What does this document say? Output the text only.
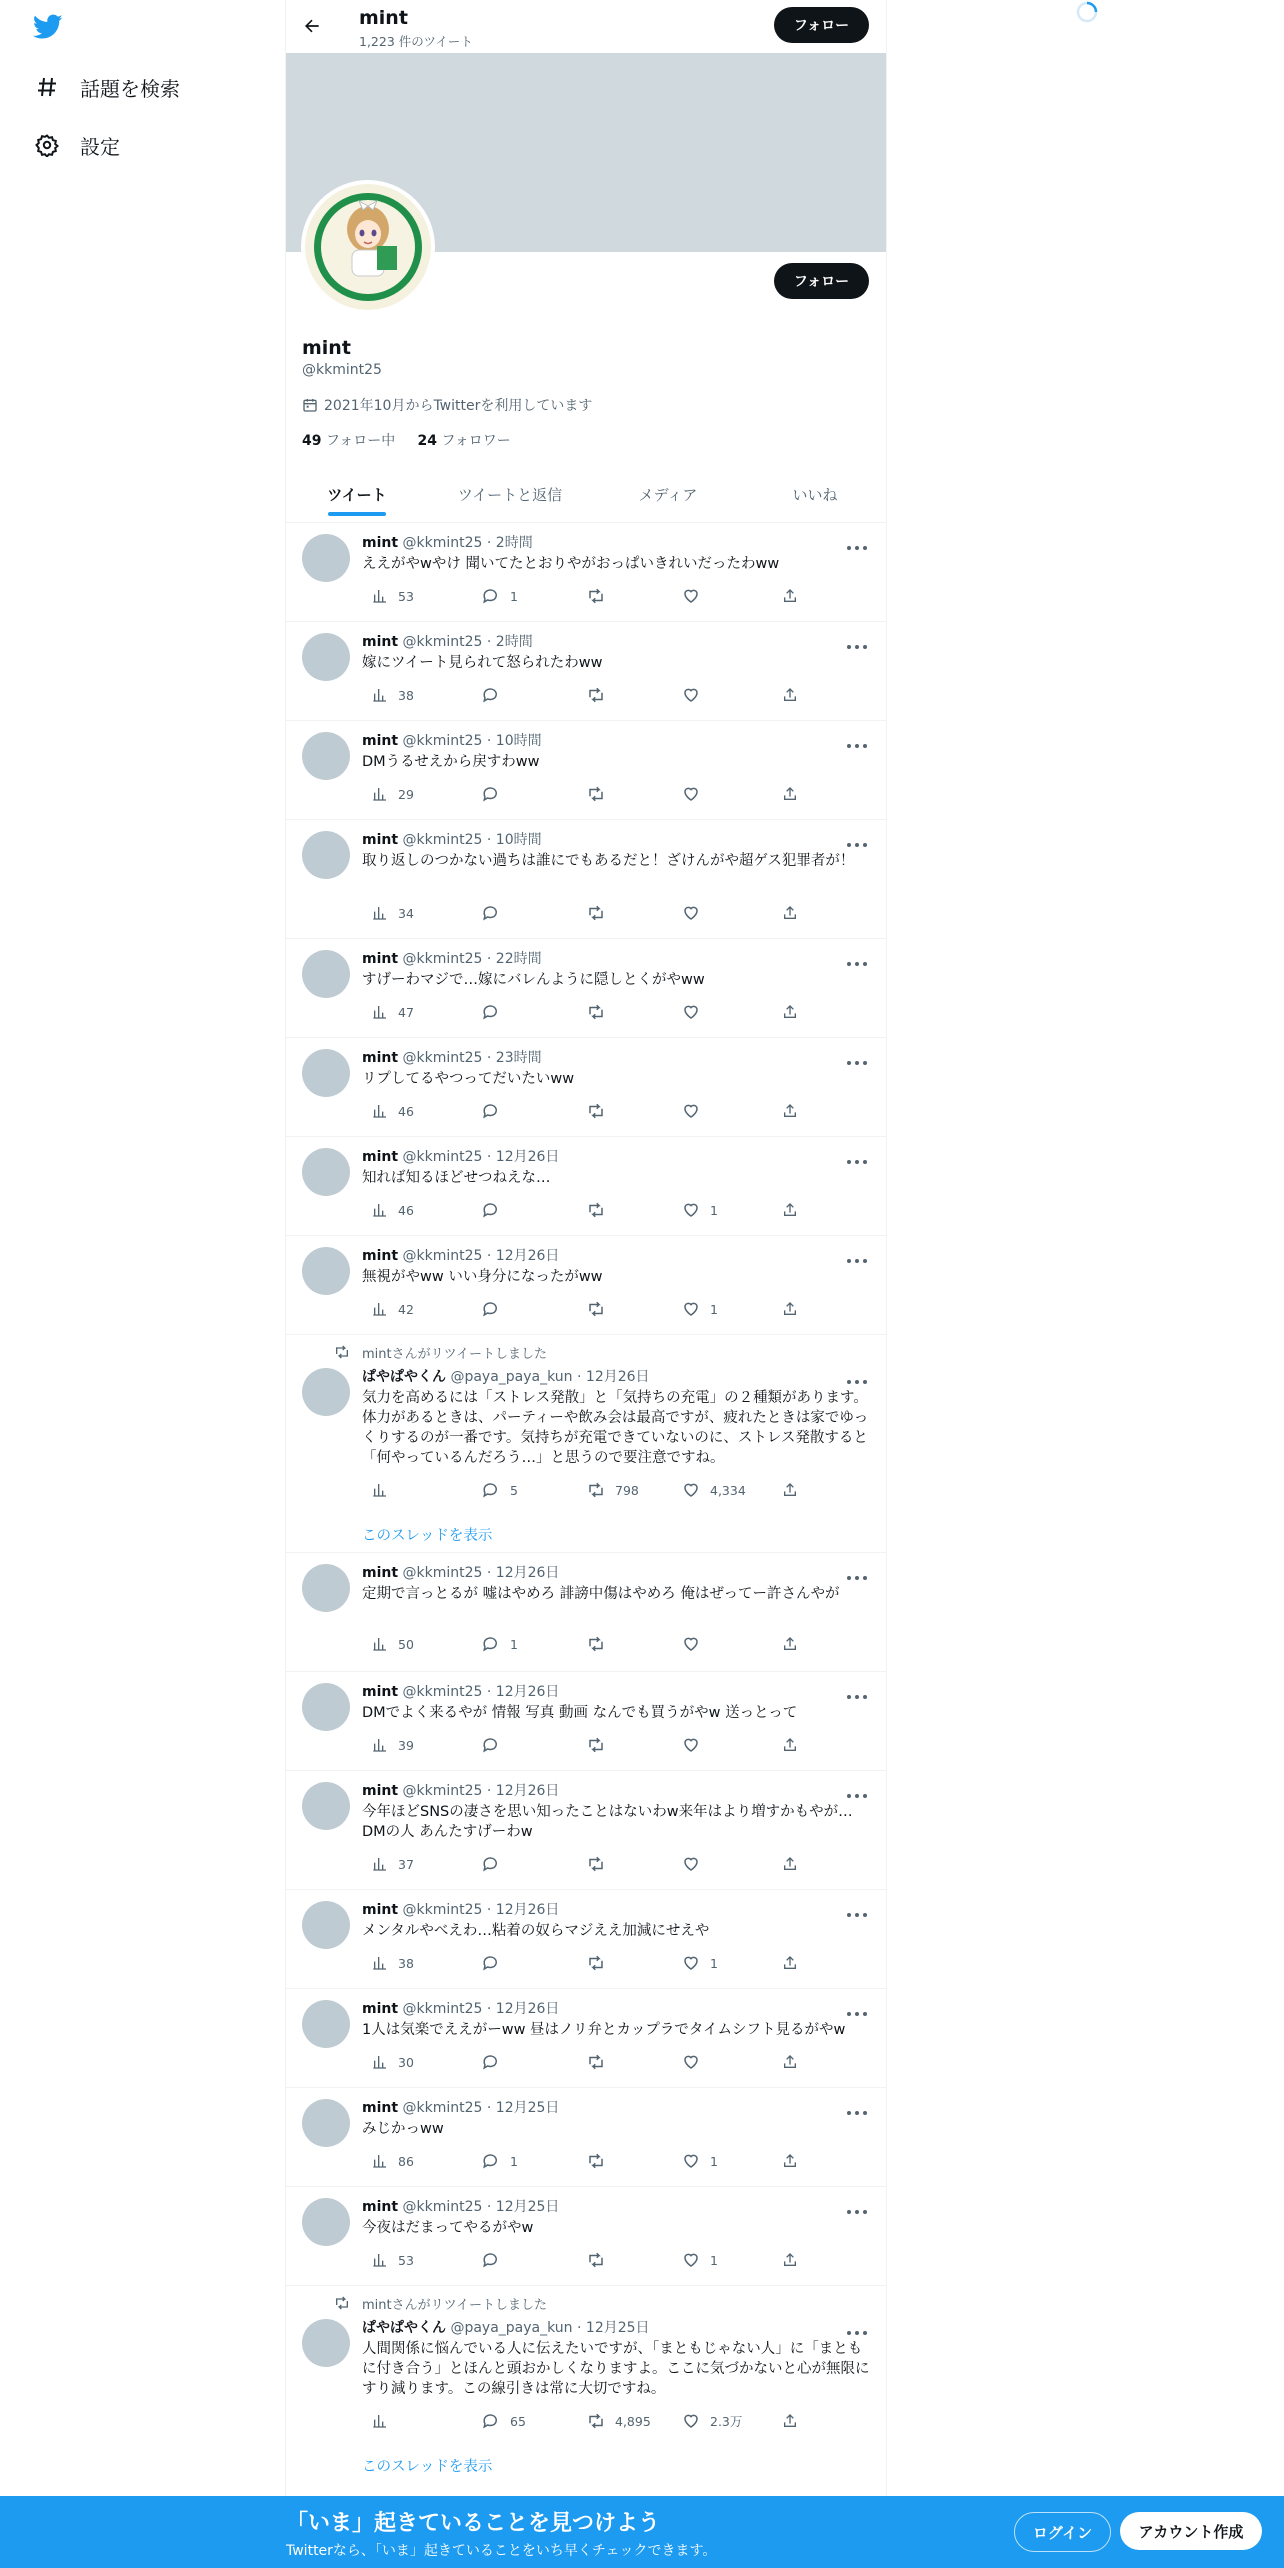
話題を検索
設定
mint
1,223 件のツイート
フォロー
フォロー
mint
@kkmint25
2021年10月からTwitterを利用しています
49 フォロー中 24 フォロワー
ツイート	ツイートと返信	メディア	いいね
mint @kkmint25 · 2時間
ええがやwやけ 聞いてたとおりやがおっぱいきれいだったわww
53	1
mint @kkmint25 · 2時間
嫁にツイート見られて怒られたわww
38
mint @kkmint25 · 10時間
DMうるせえから戻すわww
29
mint @kkmint25 · 10時間
取り返しのつかない過ちは誰にでもあるだと！ざけんがや超ゲス犯罪者が！
34
mint @kkmint25 · 22時間
すげーわマジで…嫁にバレんように隠しとくがやww
47
mint @kkmint25 · 23時間
リプしてるやつってだいたいww
46
mint @kkmint25 · 12月26日
知れば知るほどせつねえな…
46	1
mint @kkmint25 · 12月26日
無視がやww いい身分になったがww
42	1
mintさんがリツイートしました
ぱやぱやくん @paya_paya_kun · 12月26日
気力を高めるには「ストレス発散」と「気持ちの充電」の２種類があります。体力があるときは、パーティーや飲み会は最高ですが、疲れたときは家でゆっくりするのが一番です。気持ちが充電できていないのに、ストレス発散すると「何やっているんだろう…」と思うので要注意ですね。
5	798	4,334
このスレッドを表示
mint @kkmint25 · 12月26日
定期で言っとるが 嘘はやめろ 誹謗中傷はやめろ 俺はぜってー許さんやが
50	1
mint @kkmint25 · 12月26日
DMでよく来るやが 情報 写真 動画 なんでも買うがやw 送っとって
39
mint @kkmint25 · 12月26日
今年ほどSNSの凄さを思い知ったことはないわw来年はより増すかもやが…DMの人 あんたすげーわw
37
mint @kkmint25 · 12月26日
メンタルやべえわ…粘着の奴らマジええ加減にせえや
38	1
mint @kkmint25 · 12月26日
1人は気楽でええがーww 昼はノリ弁とカップラでタイムシフト見るがやw
30
mint @kkmint25 · 12月25日
みじかっww
86	1	1
mint @kkmint25 · 12月25日
今夜はだまってやるがやw
53	1
mintさんがリツイートしました
ぱやぱやくん @paya_paya_kun · 12月25日
人間関係に悩んでいる人に伝えたいですが、「まともじゃない人」に「まともに付き合う」とほんと頭おかしくなりますよ。ここに気づかないと心が無限にすり減ります。この線引きは常に大切ですね。
65	4,895	2.3万
このスレッドを表示
「いま」起きていることを見つけよう
Twitterなら、「いま」起きていることをいち早くチェックできます。
ログイン	アカウント作成
